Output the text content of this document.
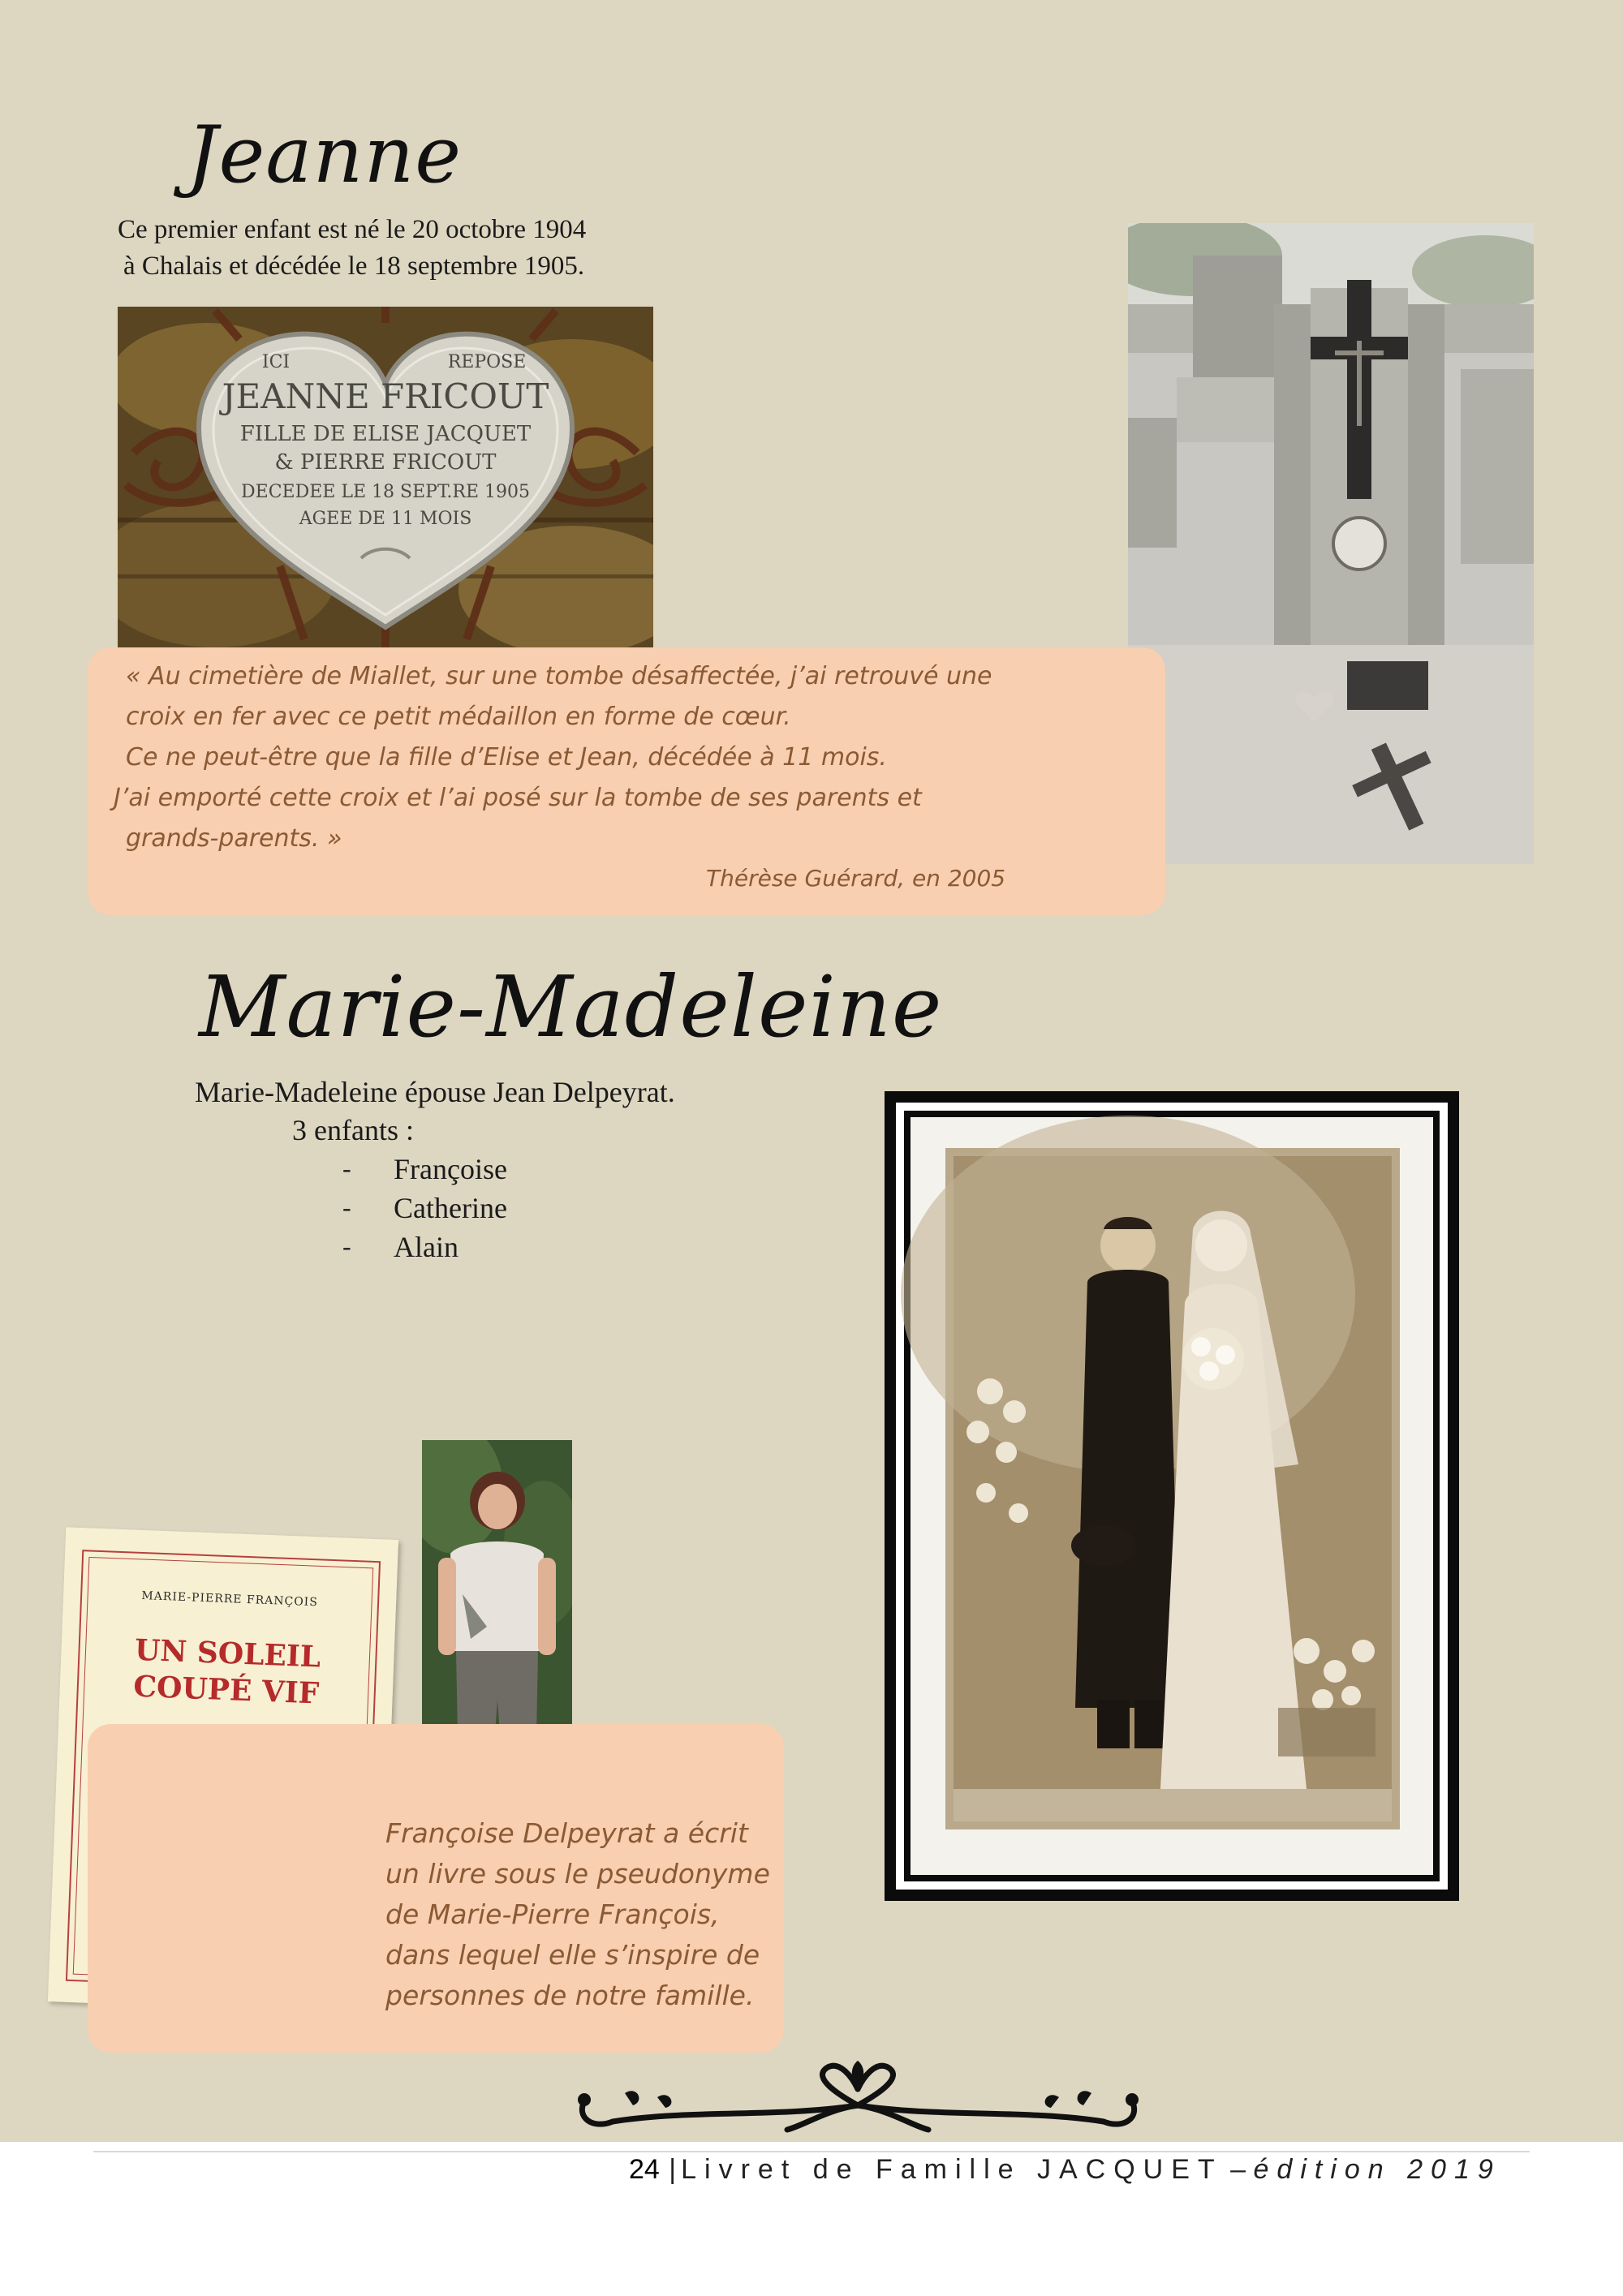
Jeanne
Ce premier enfant est né le 20 octobre 1904
à Chalais et décédée le 18 septembre 1905.
ICI	REPOSE
JEANNE FRICOUT
FILLE DE ELISE JACQUET
& PIERRE FRICOUT
DECEDEE LE 18 SEPT.RE 1905
AGEE DE 11 MOIS
« Au cimetière de Miallet, sur une tombe désaffectée, j’ai retrouvé une
croix en fer avec ce petit médaillon en forme de cœur.
Ce ne peut-être que la fille d’Elise et Jean, décédée à 11 mois.
J’ai emporté cette croix et l’ai posé sur la tombe de ses parents et
grands-parents. »
Thérèse Guérard, en 2005
Marie-Madeleine
Marie-Madeleine épouse Jean Delpeyrat.
3 enfants :
- Françoise
- Catherine
- Alain
MARIE-PIERRE FRANÇOIS
UN SOLEIL
COUPÉ VIF
Françoise Delpeyrat a écrit
un livre sous le pseudonyme
de Marie-Pierre François,
dans lequel elle s’inspire de
personnes de notre famille.
24 | Livret de Famille JACQUET – édition 2019
